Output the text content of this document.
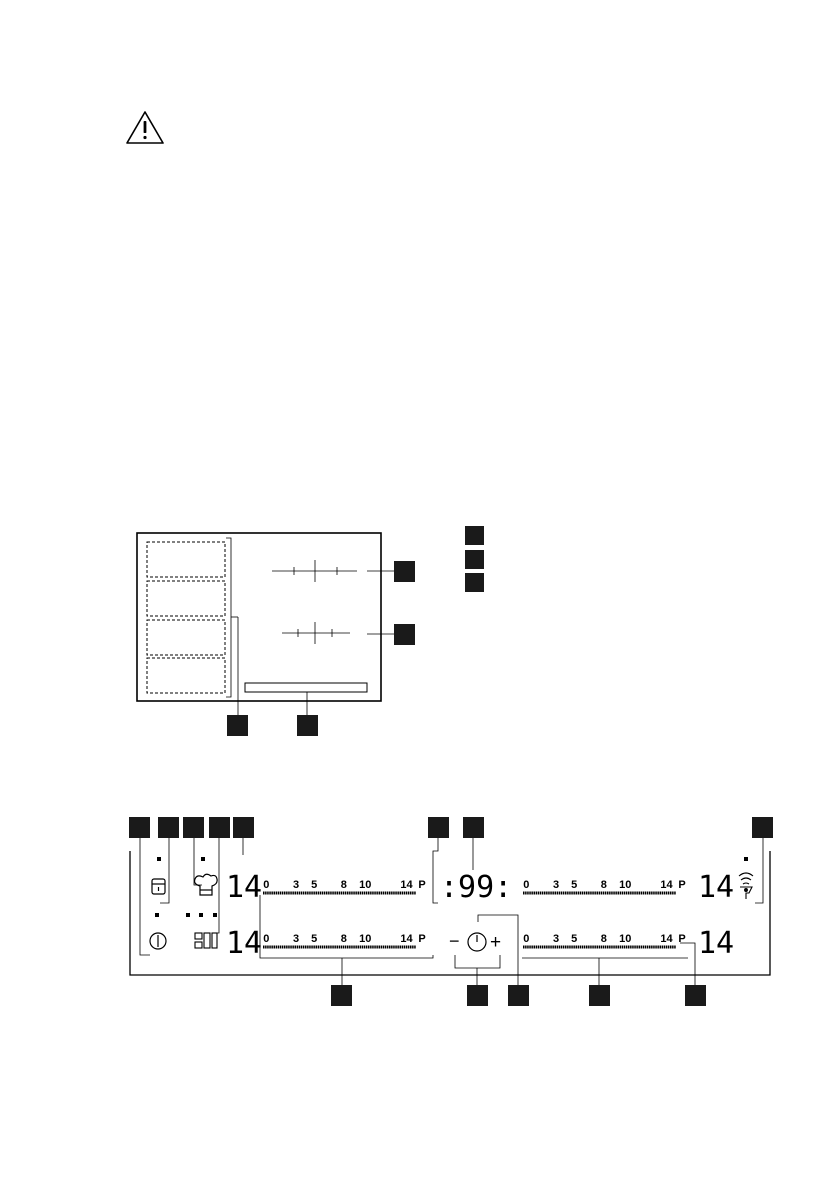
14
14
14
14
:99:
− +
0 3 5 8 10	14 P
0 3 5 8 10	14 P
0 3 5 8 10	14 P
0 3 5 8 10	14 P
